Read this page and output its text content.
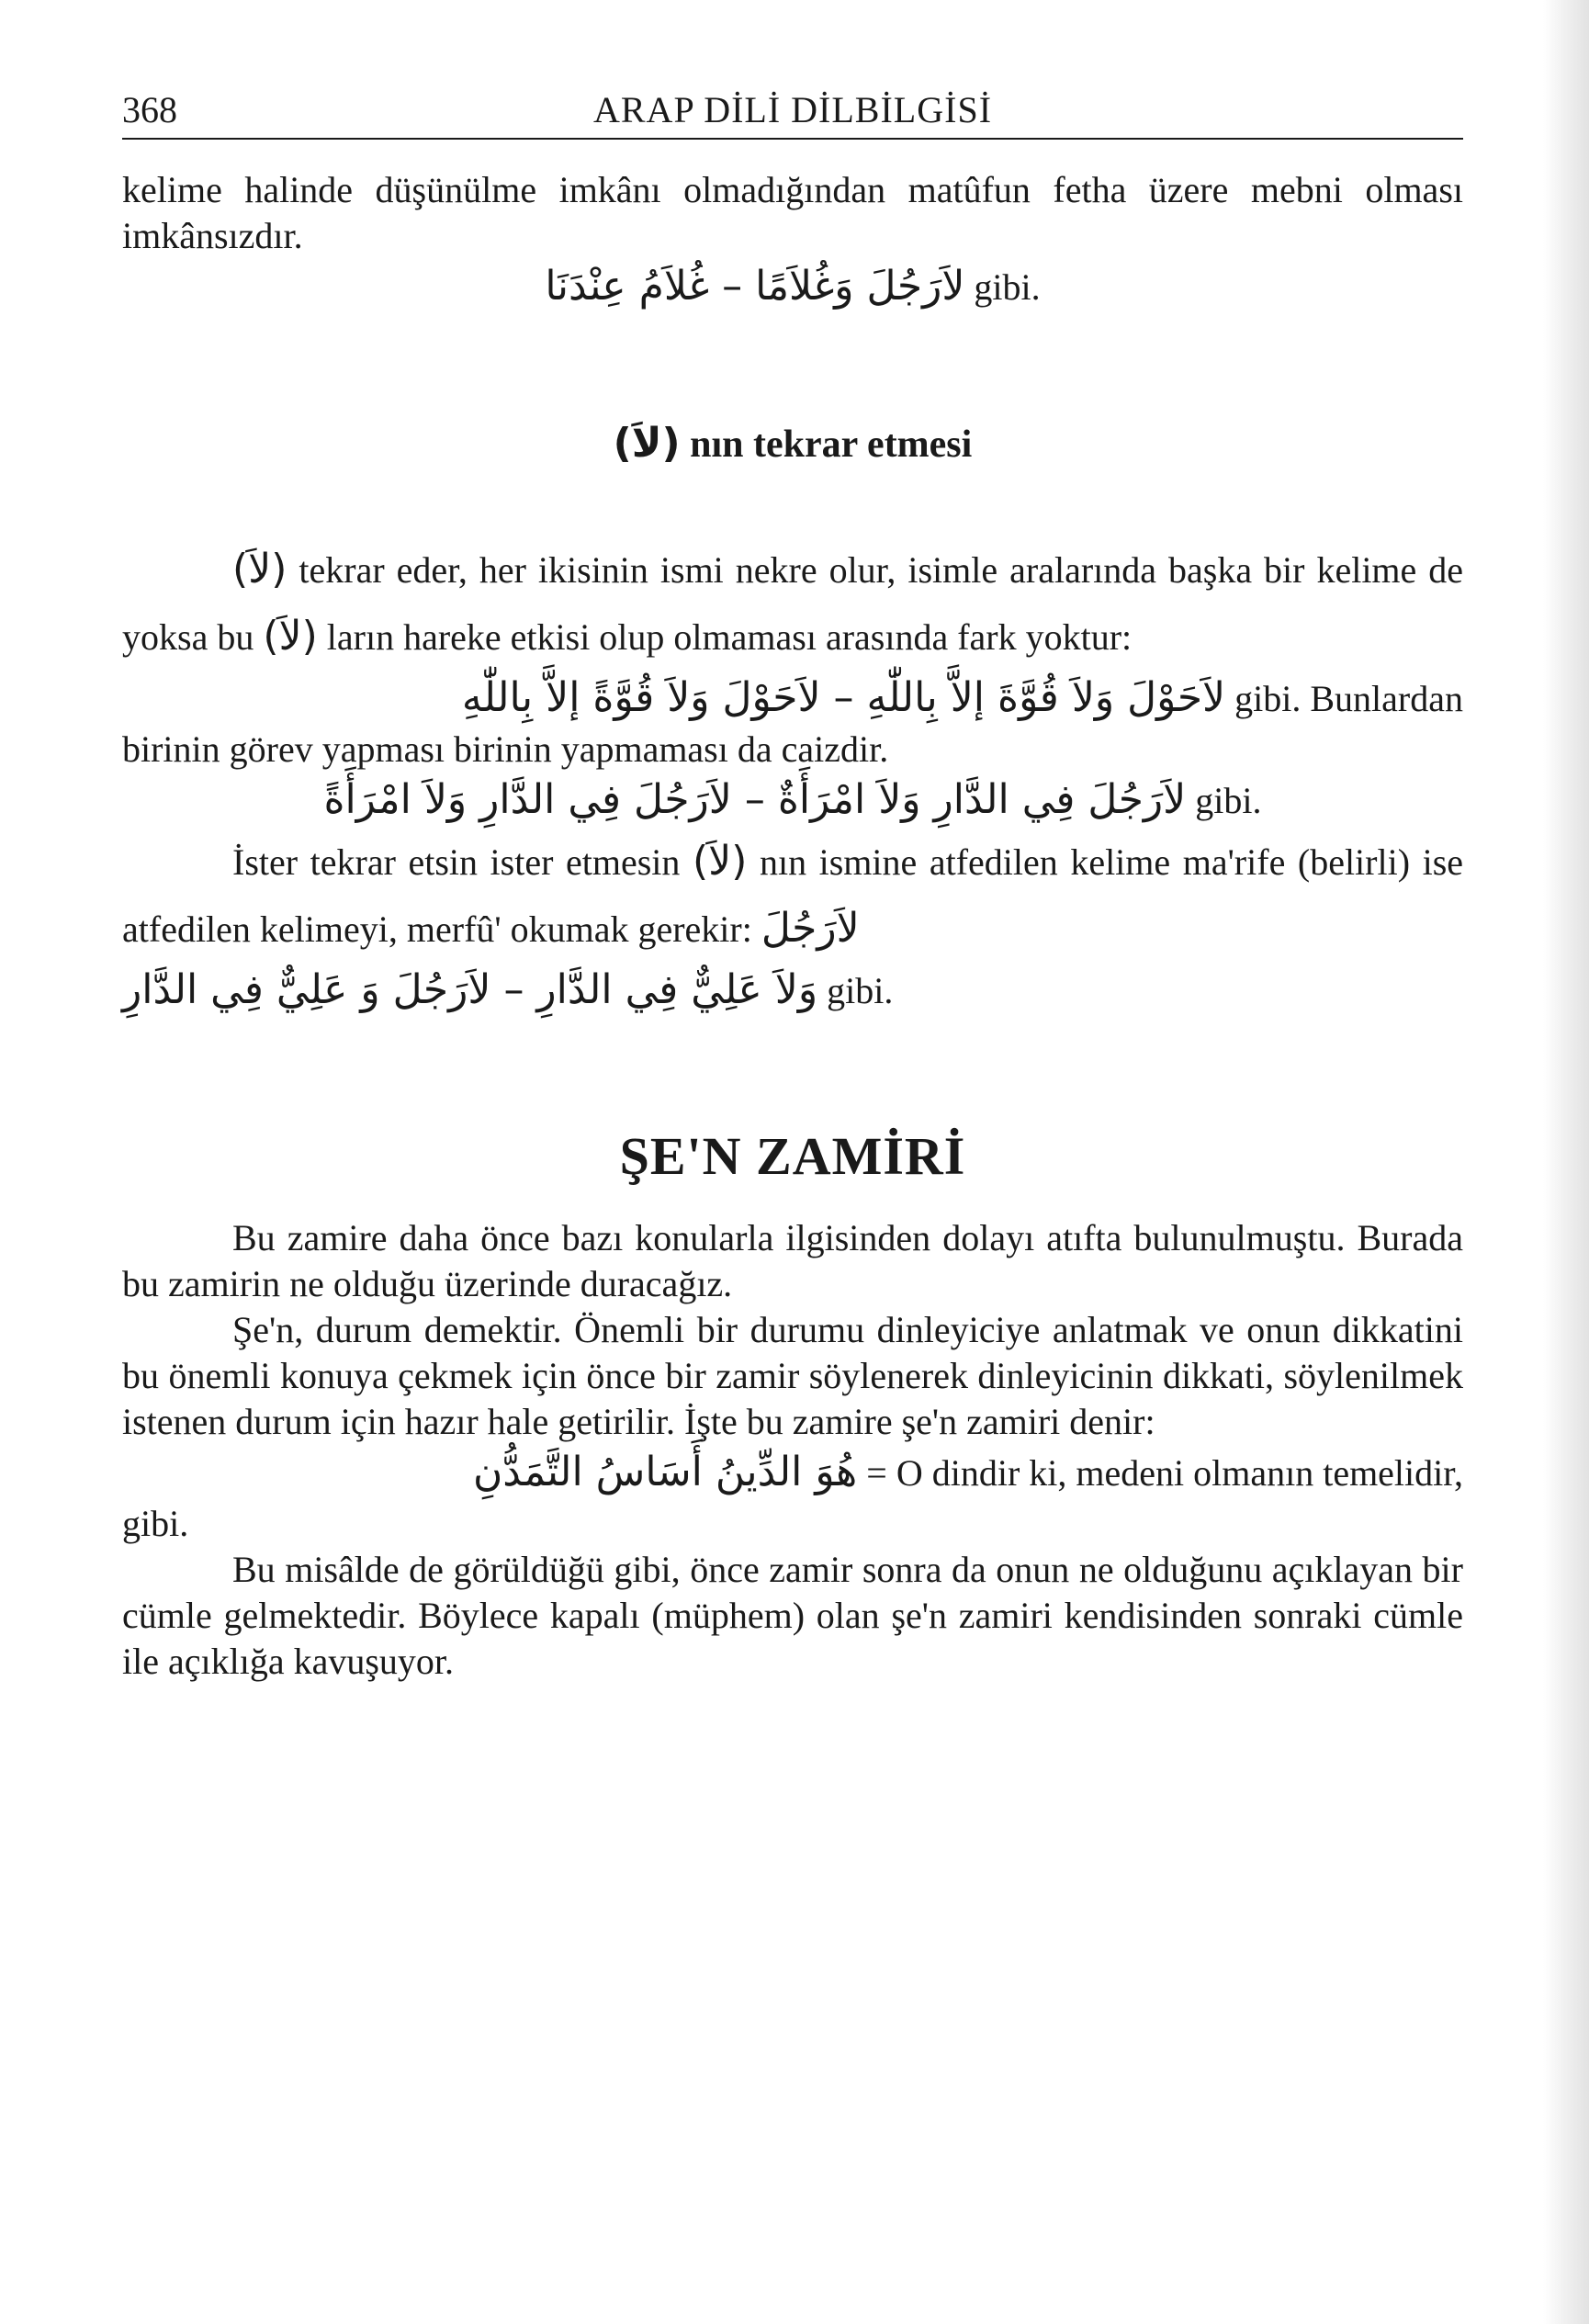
368	ARAP DİLİ DİLBİLGİSİ

kelime halinde düşünülme imkânı olmadığından matûfun fetha üzere mebni olması imkânsızdır.

لاَرَجُلَ وَغُلاَمًا – غُلاَمُ عِنْدَنَا gibi.

(لاَ) nın tekrar etmesi

(لاَ) tekrar eder, her ikisinin ismi nekre olur, isimle aralarında başka bir kelime de yoksa bu (لاَ) ların hareke etkisi olup olmaması arasında fark yoktur:

لاَحَوْلَ وَلاَ قُوَّةَ إلاَّ بِاللّٰهِ – لاَحَوْلَ وَلاَ قُوَّةً إلاَّ بِاللّٰهِ gibi. Bunlardan

birinin görev yapması birinin yapmaması da caizdir.

لاَرَجُلَ فِي الدَّارِ وَلاَ امْرَأَةٌ – لاَرَجُلَ فِي الدَّارِ وَلاَ امْرَأَةً gibi.

İster tekrar etsin ister etmesin (لاَ) nın ismine atfedilen kelime ma'rife (belirli) ise atfedilen kelimeyi, merfû' okumak gerekir: لاَرَجُلَ

وَلاَ عَلِيٌّ فِي الدَّارِ – لاَرَجُلَ وَ عَلِيٌّ فِي الدَّارِ gibi.

ŞE'N ZAMİRİ

Bu zamire daha önce bazı konularla ilgisinden dolayı atıfta bulunulmuştu. Burada bu zamirin ne olduğu üzerinde duracağız.

Şe'n, durum demektir. Önemli bir durumu dinleyiciye anlatmak ve onun dikkatini bu önemli konuya çekmek için önce bir zamir söylenerek dinleyicinin dikkati, söylenilmek istenen durum için hazır hale getirilir. İşte bu zamire şe'n zamiri denir:

هُوَ الدِّينُ أَسَاسُ التَّمَدُّنِ = O dindir ki, medeni olmanın temelidir,

gibi.

Bu misâlde de görüldüğü gibi, önce zamir sonra da onun ne olduğunu açıklayan bir cümle gelmektedir. Böylece kapalı (müphem) olan şe'n zamiri kendisinden sonraki cümle ile açıklığa kavuşuyor.
